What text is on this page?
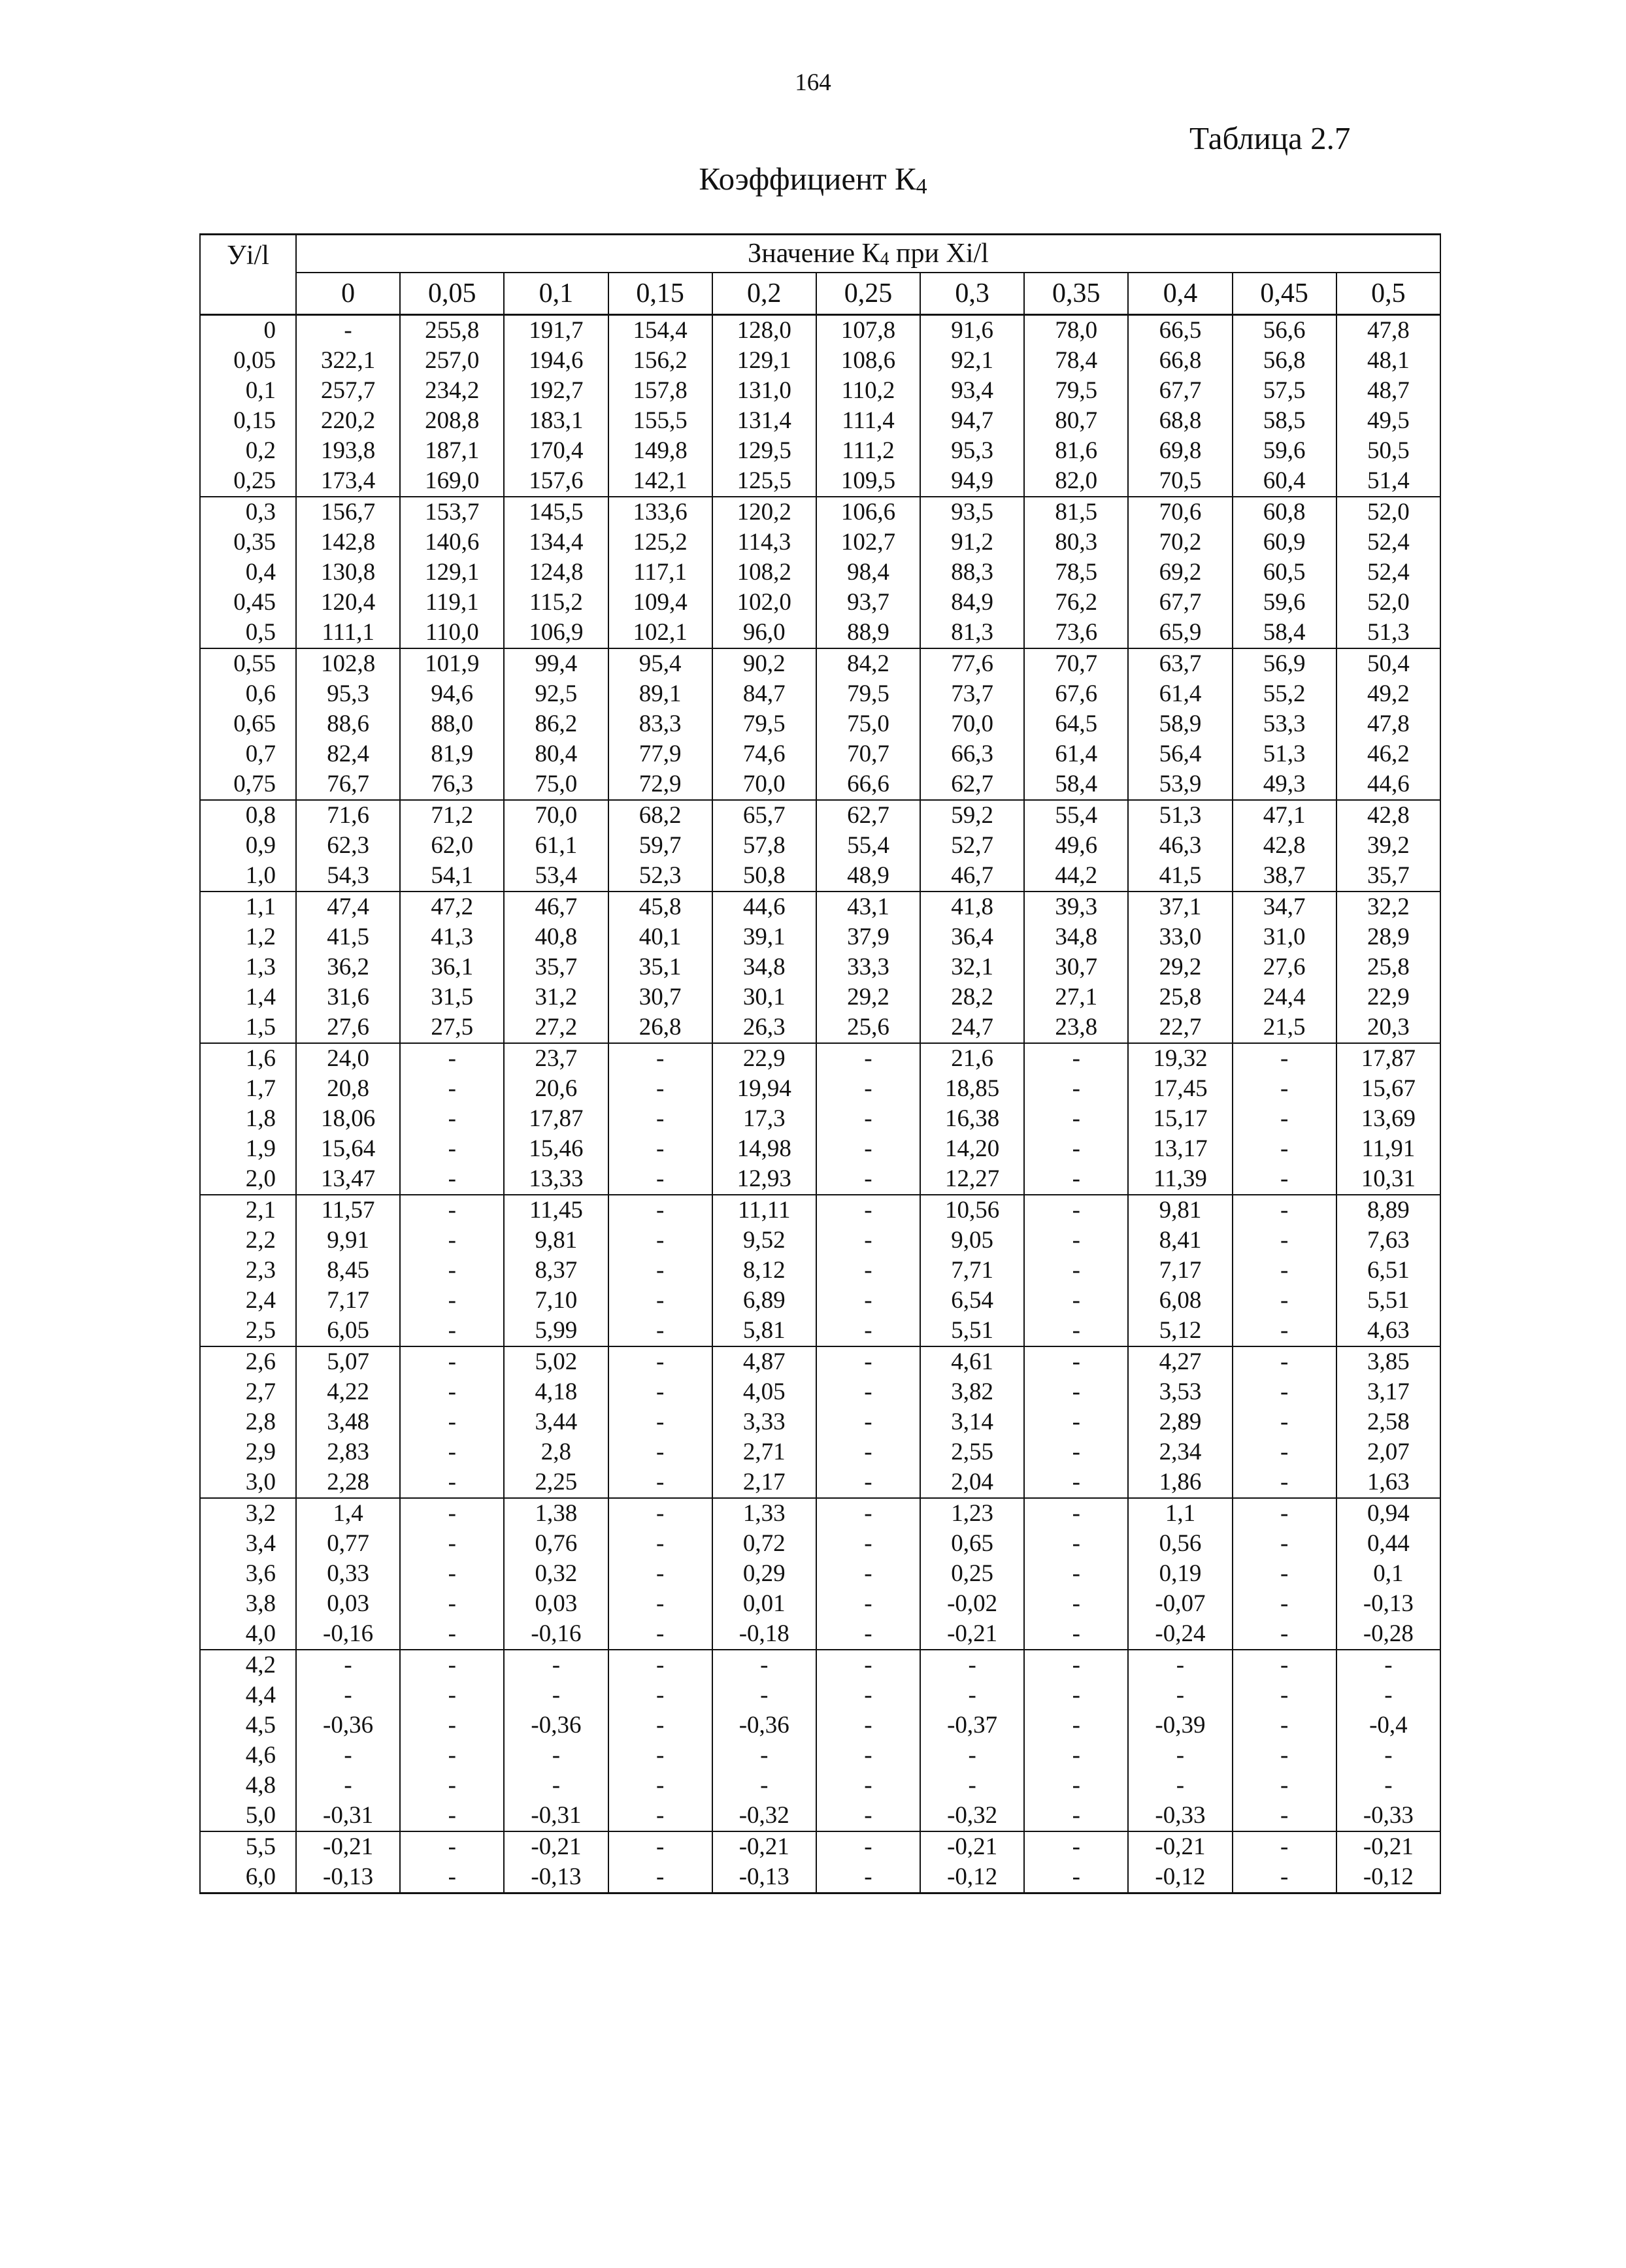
164
Таблица 2.7
Коэффициент $К_4$
Уi/l	Значение $К_4$ при Хi/l										
	0	0,05	0,1	0,15	0,2	0,25	0,3	0,35	0,4	0,45	0,5
0	-	255,8	191,7	154,4	128,0	107,8	91,6	78,0	66,5	56,6	47,8
0,05	322,1	257,0	194,6	156,2	129,1	108,6	92,1	78,4	66,8	56,8	48,1
0,1	257,7	234,2	192,7	157,8	131,0	110,2	93,4	79,5	67,7	57,5	48,7
0,15	220,2	208,8	183,1	155,5	131,4	111,4	94,7	80,7	68,8	58,5	49,5
0,2	193,8	187,1	170,4	149,8	129,5	111,2	95,3	81,6	69,8	59,6	50,5
0,25	173,4	169,0	157,6	142,1	125,5	109,5	94,9	82,0	70,5	60,4	51,4
0,3	156,7	153,7	145,5	133,6	120,2	106,6	93,5	81,5	70,6	60,8	52,0
0,35	142,8	140,6	134,4	125,2	114,3	102,7	91,2	80,3	70,2	60,9	52,4
0,4	130,8	129,1	124,8	117,1	108,2	98,4	88,3	78,5	69,2	60,5	52,4
0,45	120,4	119,1	115,2	109,4	102,0	93,7	84,9	76,2	67,7	59,6	52,0
0,5	111,1	110,0	106,9	102,1	96,0	88,9	81,3	73,6	65,9	58,4	51,3
0,55	102,8	101,9	99,4	95,4	90,2	84,2	77,6	70,7	63,7	56,9	50,4
0,6	95,3	94,6	92,5	89,1	84,7	79,5	73,7	67,6	61,4	55,2	49,2
0,65	88,6	88,0	86,2	83,3	79,5	75,0	70,0	64,5	58,9	53,3	47,8
0,7	82,4	81,9	80,4	77,9	74,6	70,7	66,3	61,4	56,4	51,3	46,2
0,75	76,7	76,3	75,0	72,9	70,0	66,6	62,7	58,4	53,9	49,3	44,6
0,8	71,6	71,2	70,0	68,2	65,7	62,7	59,2	55,4	51,3	47,1	42,8
0,9	62,3	62,0	61,1	59,7	57,8	55,4	52,7	49,6	46,3	42,8	39,2
1,0	54,3	54,1	53,4	52,3	50,8	48,9	46,7	44,2	41,5	38,7	35,7
1,1	47,4	47,2	46,7	45,8	44,6	43,1	41,8	39,3	37,1	34,7	32,2
1,2	41,5	41,3	40,8	40,1	39,1	37,9	36,4	34,8	33,0	31,0	28,9
1,3	36,2	36,1	35,7	35,1	34,8	33,3	32,1	30,7	29,2	27,6	25,8
1,4	31,6	31,5	31,2	30,7	30,1	29,2	28,2	27,1	25,8	24,4	22,9
1,5	27,6	27,5	27,2	26,8	26,3	25,6	24,7	23,8	22,7	21,5	20,3
1,6	24,0	-	23,7	-	22,9	-	21,6	-	19,32	-	17,87
1,7	20,8	-	20,6	-	19,94	-	18,85	-	17,45	-	15,67
1,8	18,06	-	17,87	-	17,3	-	16,38	-	15,17	-	13,69
1,9	15,64	-	15,46	-	14,98	-	14,20	-	13,17	-	11,91
2,0	13,47	-	13,33	-	12,93	-	12,27	-	11,39	-	10,31
2,1	11,57	-	11,45	-	11,11	-	10,56	-	9,81	-	8,89
2,2	9,91	-	9,81	-	9,52	-	9,05	-	8,41	-	7,63
2,3	8,45	-	8,37	-	8,12	-	7,71	-	7,17	-	6,51
2,4	7,17	-	7,10	-	6,89	-	6,54	-	6,08	-	5,51
2,5	6,05	-	5,99	-	5,81	-	5,51	-	5,12	-	4,63
2,6	5,07	-	5,02	-	4,87	-	4,61	-	4,27	-	3,85
2,7	4,22	-	4,18	-	4,05	-	3,82	-	3,53	-	3,17
2,8	3,48	-	3,44	-	3,33	-	3,14	-	2,89	-	2,58
2,9	2,83	-	2,8	-	2,71	-	2,55	-	2,34	-	2,07
3,0	2,28	-	2,25	-	2,17	-	2,04	-	1,86	-	1,63
3,2	1,4	-	1,38	-	1,33	-	1,23	-	1,1	-	0,94
3,4	0,77	-	0,76	-	0,72	-	0,65	-	0,56	-	0,44
3,6	0,33	-	0,32	-	0,29	-	0,25	-	0,19	-	0,1
3,8	0,03	-	0,03	-	0,01	-	-0,02	-	-0,07	-	-0,13
4,0	-0,16	-	-0,16	-	-0,18	-	-0,21	-	-0,24	-	-0,28
4,2	-	-	-	-	-	-	-	-	-	-	-
4,4	-	-	-	-	-	-	-	-	-	-	-
4,5	-0,36	-	-0,36	-	-0,36	-	-0,37	-	-0,39	-	-0,4
4,6	-	-	-	-	-	-	-	-	-	-	-
4,8	-	-	-	-	-	-	-	-	-	-	-
5,0	-0,31	-	-0,31	-	-0,32	-	-0,32	-	-0,33	-	-0,33
5,5	-0,21	-	-0,21	-	-0,21	-	-0,21	-	-0,21	-	-0,21
6,0	-0,13	-	-0,13	-	-0,13	-	-0,12	-	-0,12	-	-0,12
